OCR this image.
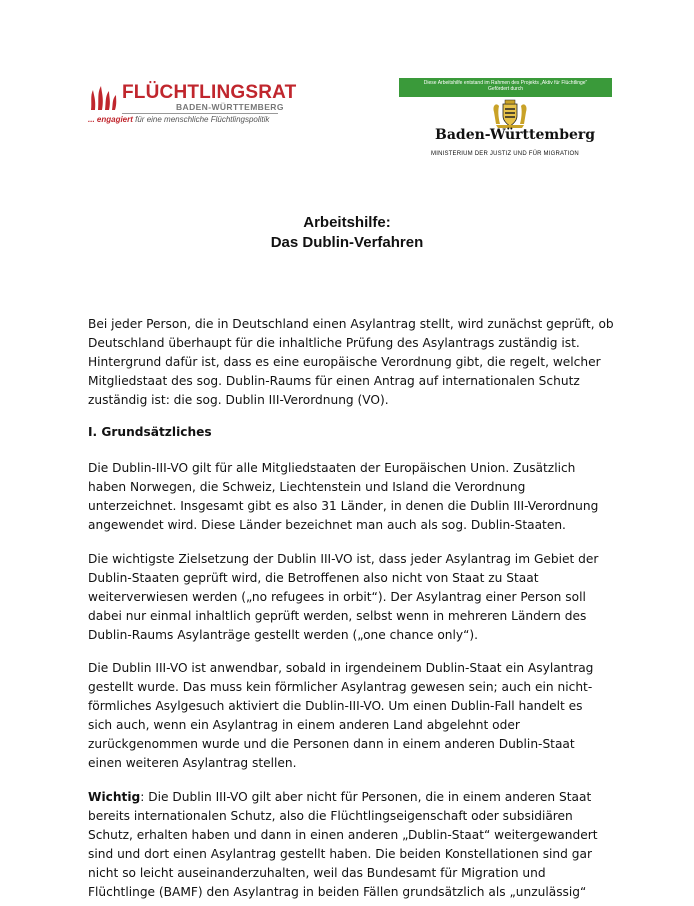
FLÜCHTLINGSRAT
BADEN-WÜRTTEMBERG
... engagiert für eine menschliche Flüchtlingspolitik
Diese Arbeitshilfe entstand im Rahmen des Projekts „Aktiv für Flüchtlinge“
Gefördert durch
Baden-Württemberg
MINISTERIUM DER JUSTIZ UND FÜR MIGRATION
Arbeitshilfe:
Das Dublin-Verfahren
Bei jeder Person, die in Deutschland einen Asylantrag stellt, wird zunächst geprüft, ob
Deutschland überhaupt für die inhaltliche Prüfung des Asylantrags zuständig ist.
Hintergrund dafür ist, dass es eine europäische Verordnung gibt, die regelt, welcher
Mitgliedstaat des sog. Dublin-Raums für einen Antrag auf internationalen Schutz
zuständig ist: die sog. Dublin III-Verordnung (VO).
I. Grundsätzliches
Die Dublin-III-VO gilt für alle Mitgliedstaaten der Europäischen Union. Zusätzlich
haben Norwegen, die Schweiz, Liechtenstein und Island die Verordnung
unterzeichnet. Insgesamt gibt es also 31 Länder, in denen die Dublin III-Verordnung
angewendet wird. Diese Länder bezeichnet man auch als sog. Dublin-Staaten.
Die wichtigste Zielsetzung der Dublin III-VO ist, dass jeder Asylantrag im Gebiet der
Dublin-Staaten geprüft wird, die Betroffenen also nicht von Staat zu Staat
weiterverwiesen werden („no refugees in orbit“). Der Asylantrag einer Person soll
dabei nur einmal inhaltlich geprüft werden, selbst wenn in mehreren Ländern des
Dublin-Raums Asylanträge gestellt werden („one chance only“).
Die Dublin III-VO ist anwendbar, sobald in irgendeinem Dublin-Staat ein Asylantrag
gestellt wurde. Das muss kein förmlicher Asylantrag gewesen sein; auch ein nicht-
förmliches Asylgesuch aktiviert die Dublin-III-VO. Um einen Dublin-Fall handelt es
sich auch, wenn ein Asylantrag in einem anderen Land abgelehnt oder
zurückgenommen wurde und die Personen dann in einem anderen Dublin-Staat
einen weiteren Asylantrag stellen.
Wichtig: Die Dublin III-VO gilt aber nicht für Personen, die in einem anderen Staat
bereits internationalen Schutz, also die Flüchtlingseigenschaft oder subsidiären
Schutz, erhalten haben und dann in einen anderen „Dublin-Staat“ weitergewandert
sind und dort einen Asylantrag gestellt haben. Die beiden Konstellationen sind gar
nicht so leicht auseinanderzuhalten, weil das Bundesamt für Migration und
Flüchtlinge (BAMF) den Asylantrag in beiden Fällen grundsätzlich als „unzulässig“
